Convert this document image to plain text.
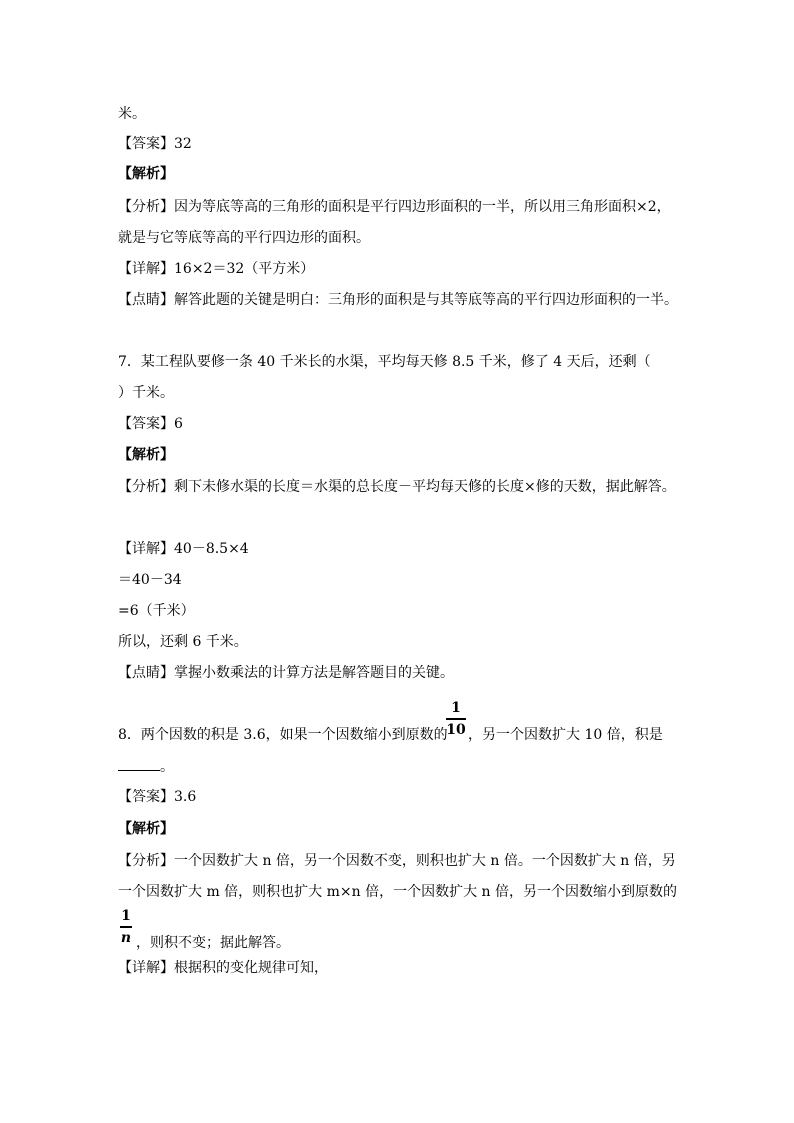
米。
【答案】32
【解析】
【分析】因为等底等高的三角形的面积是平行四边形面积的一半，所以用三角形面积×2，
就是与它等底等高的平行四边形的面积。
【详解】16×2＝32（平方米）
【点睛】解答此题的关键是明白：三角形的面积是与其等底等高的平行四边形面积的一半。
7．某工程队要修一条 40 千米长的水渠，平均每天修 8.5 千米，修了 4 天后，还剩（
）千米。
【答案】6
【解析】
【分析】剩下未修水渠的长度＝水渠的总长度－平均每天修的长度×修的天数，据此解答。
【详解】40－8.5×4
＝40－34
=6（千米）
所以，还剩 6 千米。
【点睛】掌握小数乘法的计算方法是解答题目的关键。
8．两个因数的积是 3.6，如果一个因数缩小到原数的
1
10 ，另一个因数扩大 10 倍，积是
。
【答案】3.6
【解析】
【分析】一个因数扩大 n 倍，另一个因数不变，则积也扩大 n 倍。一个因数扩大 n 倍，另
一个因数扩大 m 倍，则积也扩大 m×n 倍，一个因数扩大 n 倍，另一个因数缩小到原数的
1
n ，则积不变；据此解答。
【详解】根据积的变化规律可知，
